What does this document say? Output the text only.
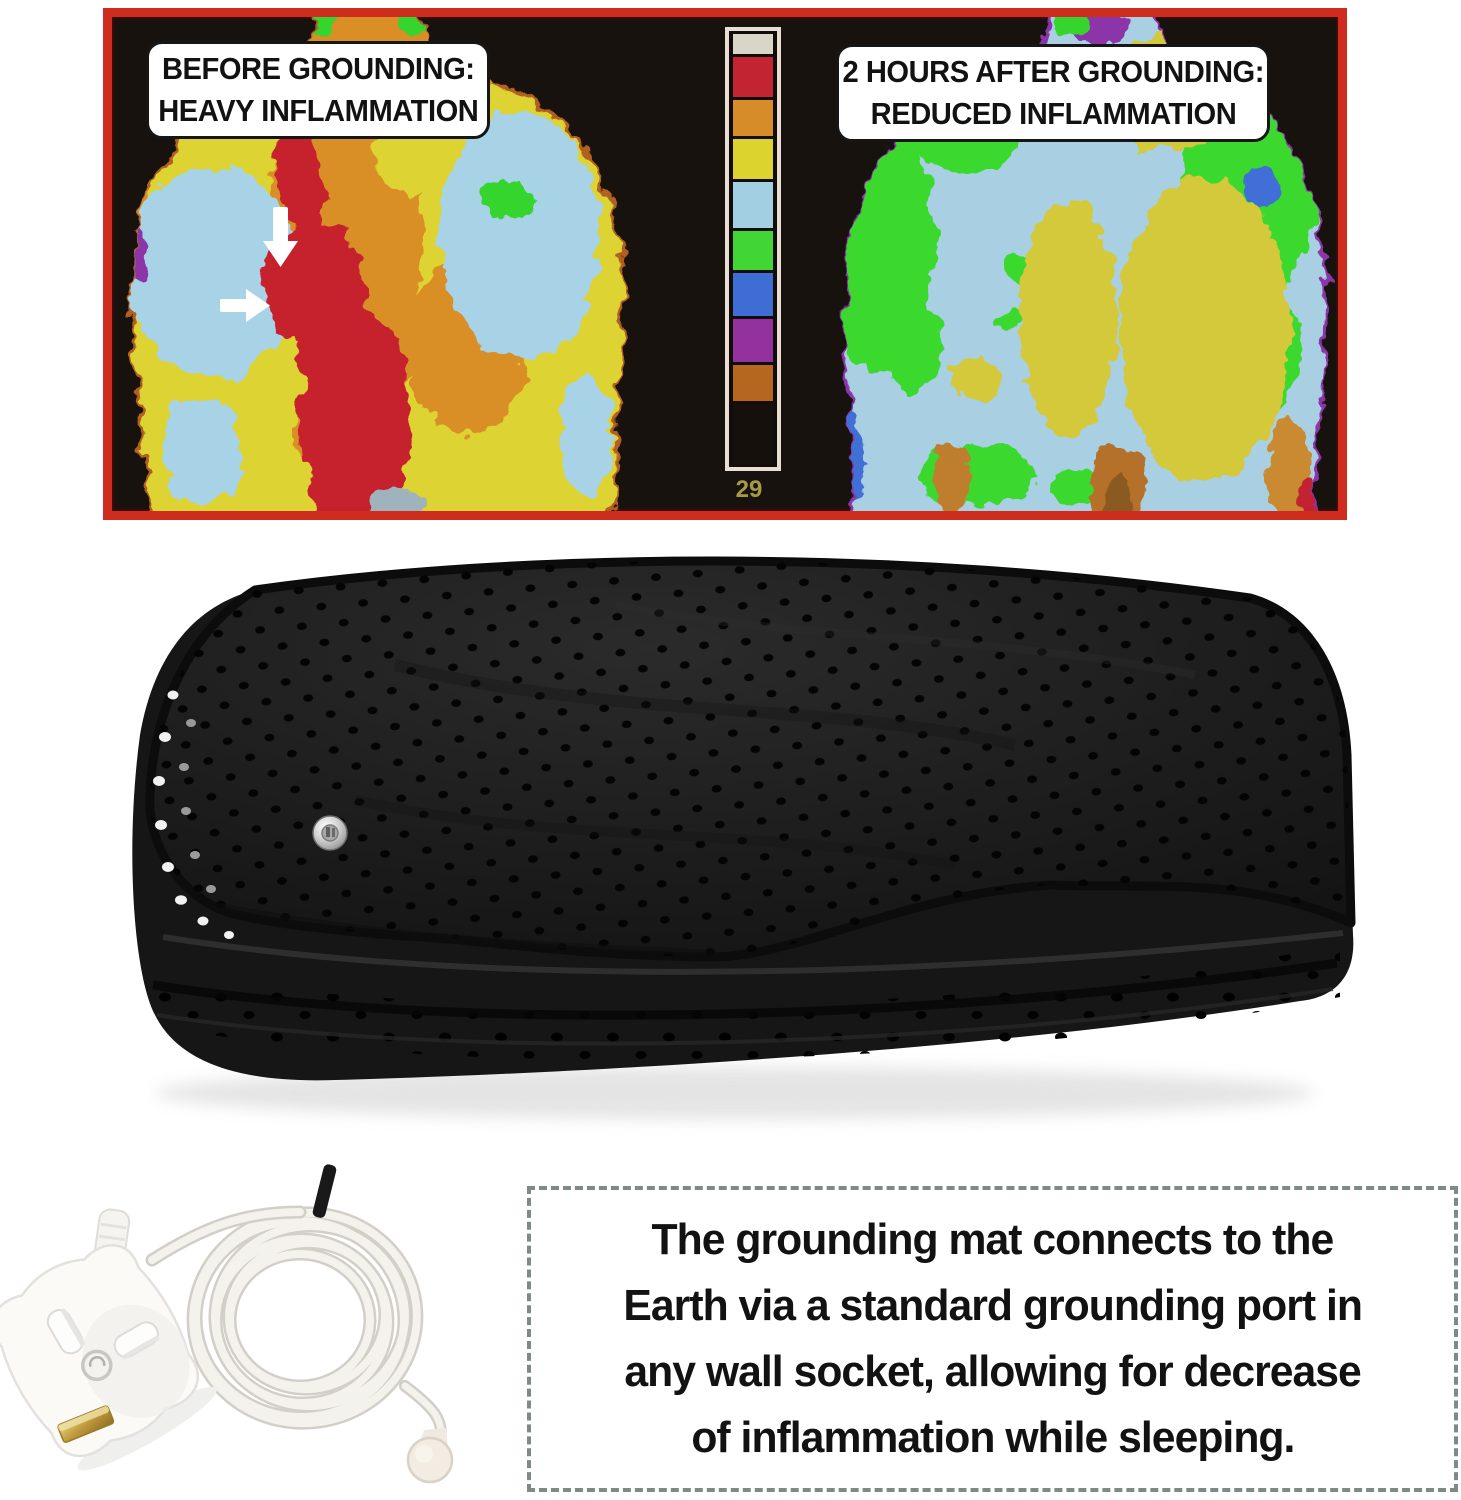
29
BEFORE GROUNDING:
HEAVY INFLAMMATION
2 HOURS AFTER GROUNDING:
REDUCED INFLAMMATION
The grounding mat connects to the
Earth via a standard grounding port in
any wall socket, allowing for decrease
of inflammation while sleeping.
